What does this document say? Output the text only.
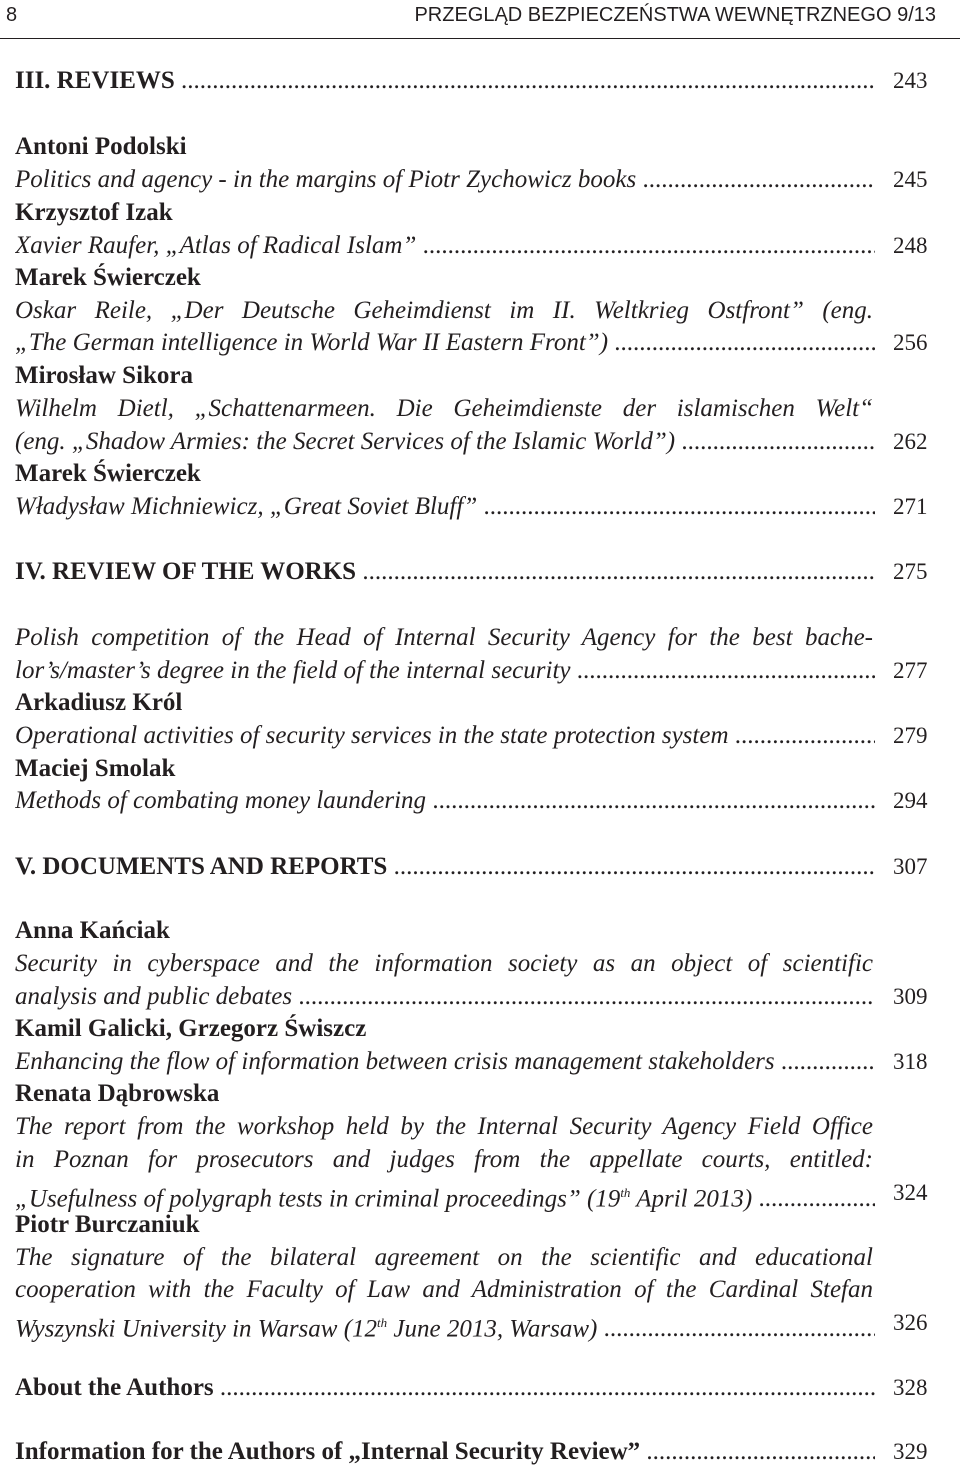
8	PRZEGLĄD BEZPIECZEŃSTWA WEWNĘTRZNEGO 9/13
III. REVIEWS .....	243
Antoni Podolski
Politics and agency - in the margins of Piotr Zychowicz books .....	245
Krzysztof Izak
Xavier Raufer, „Atlas of Radical Islam” .....	248
Marek Świerczek
Oskar Reile, „Der Deutsche Geheimdienst im II. Weltkrieg Ostfront” (eng.
„The German intelligence in World War II Eastern Front”) .....	256
Mirosław Sikora
Wilhelm Dietl, „Schattenarmeen. Die Geheimdienste der islamischen Welt“
(eng. „Shadow Armies: the Secret Services of the Islamic World”) .....	262
Marek Świerczek
Władysław Michniewicz, „Great Soviet Bluff” .....	271
IV. REVIEW OF THE WORKS .....	275
Polish competition of the Head of Internal Security Agency for the best bache-
lor’s/master’s degree in the field of the internal security .....	277
Arkadiusz Król
Operational activities of security services in the state protection system .....	279
Maciej Smolak
Methods of combating money laundering .....	294
V. DOCUMENTS AND REPORTS .....	307
Anna Kańciak
Security in cyberspace and the information society as an object of scientific
analysis and public debates .....	309
Kamil Galicki, Grzegorz Świszcz
Enhancing the flow of information between crisis management stakeholders .....	318
Renata Dąbrowska
The report from the workshop held by the Internal Security Agency Field Office
in Poznan for prosecutors and judges from the appellate courts, entitled:
„Usefulness of polygraph tests in criminal proceedings” (19th April 2013) .....	324
Piotr Burczaniuk
The signature of the bilateral agreement on the scientific and educational
cooperation with the Faculty of Law and Administration of the Cardinal Stefan
Wyszynski University in Warsaw (12th June 2013, Warsaw) .....	326
About the Authors .....	328
Information for the Authors of „Internal Security Review” .....	329
